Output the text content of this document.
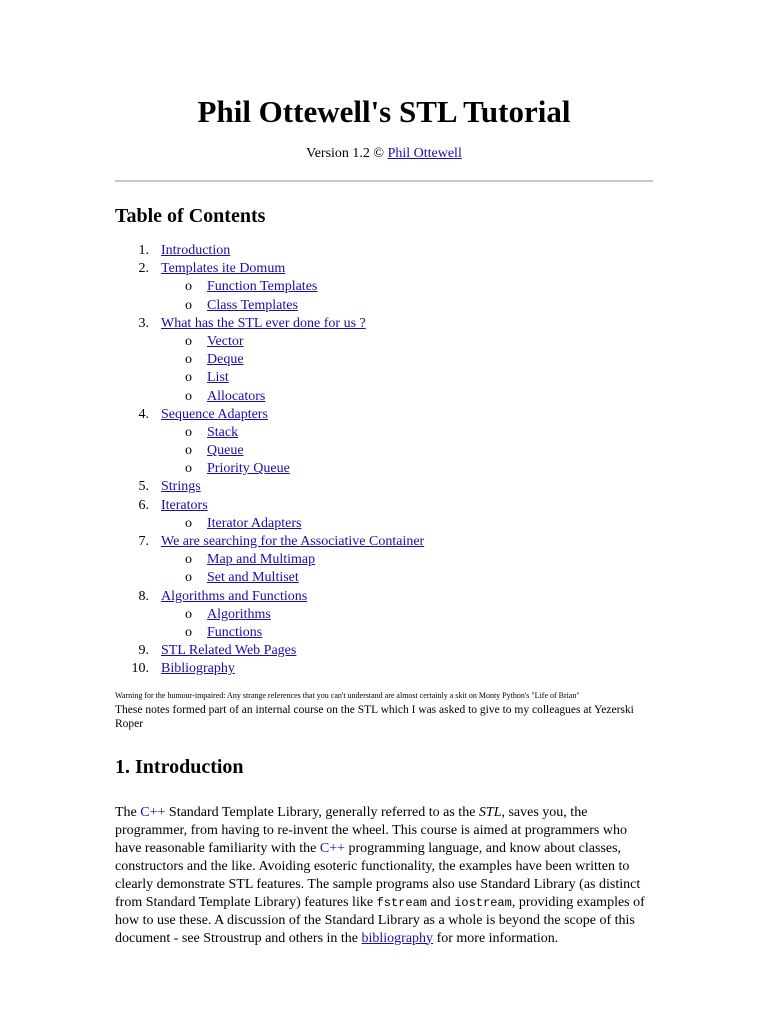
Phil Ottewell's STL Tutorial
Version 1.2 © Phil Ottewell
Table of Contents
1. Introduction
2. Templates ite Domum
o Function Templates
o Class Templates
3. What has the STL ever done for us ?
o Vector
o Deque
o List
o Allocators
4. Sequence Adapters
o Stack
o Queue
o Priority Queue
5. Strings
6. Iterators
o Iterator Adapters
7. We are searching for the Associative Container
o Map and Multimap
o Set and Multiset
8. Algorithms and Functions
o Algorithms
o Functions
9. STL Related Web Pages
10. Bibliography
Warning for the humour-impaired: Any strange references that you can't understand are almost certainly a skit on Monty Python's "Life of Brian"
These notes formed part of an internal course on the STL which I was asked to give to my colleagues at Yezerski Roper
1. Introduction

The C++ Standard Template Library, generally referred to as the STL, saves you, the programmer, from having to re-invent the wheel. This course is aimed at programmers who have reasonable familiarity with the C++ programming language, and know about classes, constructors and the like. Avoiding esoteric functionality, the examples have been written to clearly demonstrate STL features. The sample programs also use Standard Library (as distinct from Standard Template Library) features like fstream and iostream, providing examples of how to use these. A discussion of the Standard Library as a whole is beyond the scope of this document - see Stroustrup and others in the bibliography for more information.
